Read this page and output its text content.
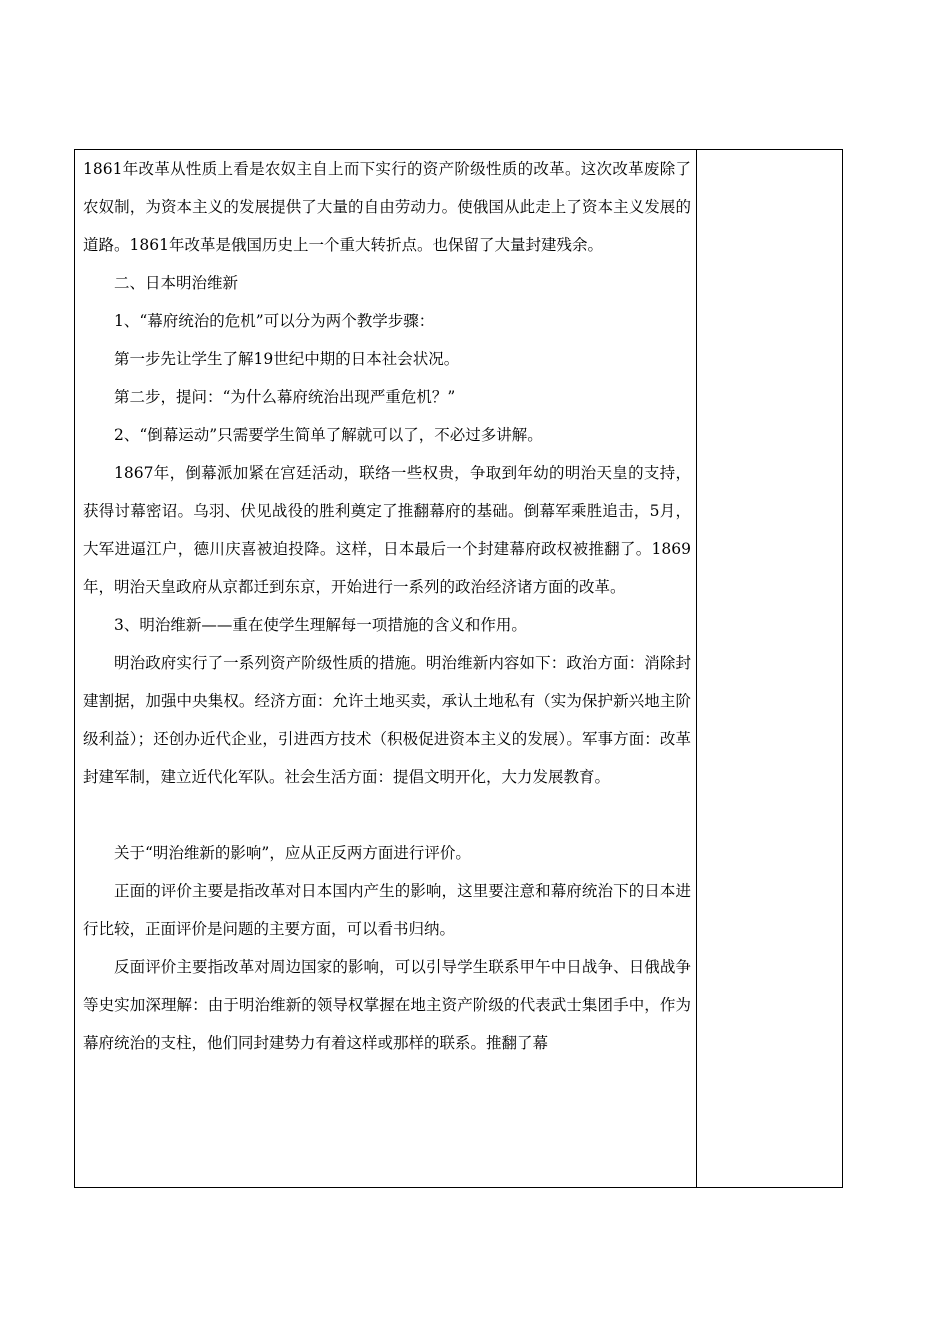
1861年改革从性质上看是农奴主自上而下实行的资产阶级性质的改革。这次改革废除了农奴制，为资本主义的发展提供了大量的自由劳动力。使俄国从此走上了资本主义发展的道路。1861年改革是俄国历史上一个重大转折点。也保留了大量封建残余。

二、日本明治维新

1、“幕府统治的危机”可以分为两个教学步骤：

第一步先让学生了解19世纪中期的日本社会状况。

第二步，提问：“为什么幕府统治出现严重危机？”

2、“倒幕运动”只需要学生简单了解就可以了，不必过多讲解。

1867年，倒幕派加紧在宫廷活动，联络一些权贵，争取到年幼的明治天皇的支持，获得讨幕密诏。乌羽、伏见战役的胜利奠定了推翻幕府的基础。倒幕军乘胜追击，5月，大军进逼江户，德川庆喜被迫投降。这样，日本最后一个封建幕府政权被推翻了。1869年，明治天皇政府从京都迁到东京，开始进行一系列的政治经济诸方面的改革。

3、明治维新——重在使学生理解每一项措施的含义和作用。

明治政府实行了一系列资产阶级性质的措施。明治维新内容如下：政治方面：消除封建割据，加强中央集权。经济方面：允许土地买卖，承认土地私有（实为保护新兴地主阶级利益）；还创办近代企业，引进西方技术（积极促进资本主义的发展）。军事方面：改革封建军制，建立近代化军队。社会生活方面：提倡文明开化，大力发展教育。

关于“明治维新的影响”，应从正反两方面进行评价。

正面的评价主要是指改革对日本国内产生的影响，这里要注意和幕府统治下的日本进行比较，正面评价是问题的主要方面，可以看书归纳。

反面评价主要指改革对周边国家的影响，可以引导学生联系甲午中日战争、日俄战争等史实加深理解：由于明治维新的领导权掌握在地主资产阶级的代表武士集团手中，作为幕府统治的支柱，他们同封建势力有着这样或那样的联系。推翻了幕
